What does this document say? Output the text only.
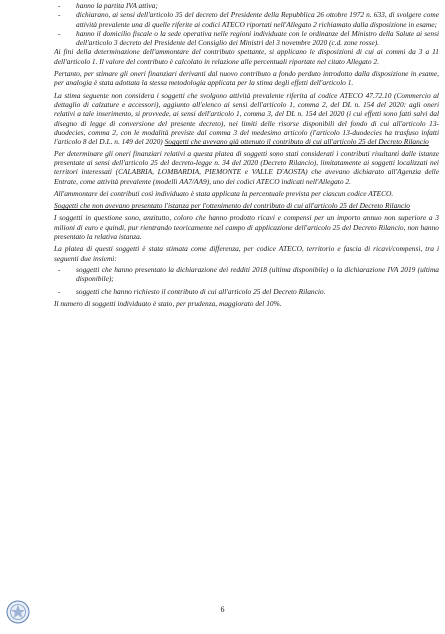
- hanno la partita IVA attiva;
- dichiarano, ai sensi dell'articolo 35 del decreto del Presidente della Repubblica 26 ottobre 1972 n. 633, di svolgere come attività prevalente una di quelle riferite ai codici ATECO riportati nell'Allegato 2 richiamato dalla disposizione in esame;
- hanno il domicilio fiscale o la sede operativa nelle regioni individuate con le ordinanze del Ministro della Salute ai sensi dell'articolo 3 decreto del Presidente del Consiglio dei Ministri del 3 novembre 2020 (c.d. zone rosse).

Ai fini della determinazione dell'ammontare del contributo spettante, si applicano le disposizioni di cui ai commi da 3 a 11 dell'articolo 1. Il valore del contributo è calcolato in relazione alle percentuali riportate nel citato Allegato 2.

Pertanto, per stimare gli oneri finanziari derivanti dal nuovo contributo a fondo perduto introdotto dalla disposizione in esame, per analogia è stata adottata la stessa metodologia applicata per la stima degli effetti dell'articolo 1.

La stima seguente non considera i soggetti che svolgono attività prevalente riferita al codice ATECO 47.72.10 (Commercio al dettaglio di calzature e accessori), aggiunto all'elenco ai sensi dell'articolo 1, comma 2, del DL n. 154 del 2020: agli oneri relativi a tale inserimento, si provvede, ai sensi dell'articolo 1, comma 3, del DL n. 154 del 2020 (i cui effetti sono fatti salvi dal disegno di legge di conversione del presente decreto), nei limiti delle risorse disponibili del fondo di cui all'articolo 13-duodecies, comma 2, con le modalità previste dal comma 3 del medesimo articolo (l'articolo 13-duodecies ha trasfuso infatti l'articolo 8 del D.L. n. 149 del 2020) Soggetti che avevano già ottenuto il contributo di cui all'articolo 25 del Decreto Rilancio

Per determinare gli oneri finanziari relativi a questa platea di soggetti sono stati considerati i contributi risultanti dalle istanze presentate ai sensi dell'articolo 25 del decreto-legge n. 34 del 2020 (Decreto Rilancio), limitatamente ai soggetti localizzati nei territori interessati (CALABRIA, LOMBARDIA, PIEMONTE e VALLE D'AOSTA) che avevano dichiarato all'Agenzia delle Entrate, come attività prevalente (modelli AA7/AA9), uno dei codici ATECO indicati nell'Allegato 2.

All'ammontare dei contributi così individuato è stata applicata la percentuale prevista per ciascun codice ATECO.

Soggetti che non avevano presentato l'istanza per l'ottenimento del contributo di cui all'articolo 25 del Decreto Rilancio

I soggetti in questione sono, anzitutto, coloro che hanno prodotto ricavi e compensi per un importo annuo non superiore a 3 milioni di euro e quindi, pur rientrando teoricamente nel campo di applicazione dell'articolo 25 del Decreto Rilancio, non hanno presentato la relativa istanza.

La platea di questi soggetti è stata stimata come differenza, per codice ATECO, territorio e fascia di ricavi/compensi, tra i seguenti due insiemi:

- soggetti che hanno presentato la dichiarazione dei redditi 2018 (ultima disponibile) o la dichiarazione IVA 2019 (ultima disponibile);
- soggetti che hanno richiesto il contributo di cui all'articolo 25 del Decreto Rilancio.

Il numero di soggetti individuato è stato, per prudenza, maggiorato del 10%.

6
